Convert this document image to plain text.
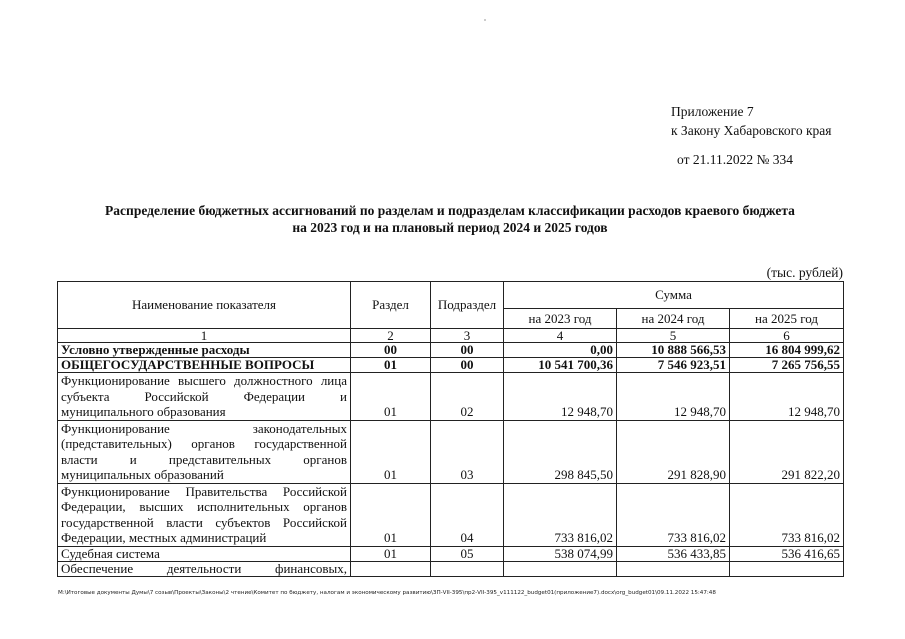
Приложение 7
к Закону Хабаровского края
от 21.11.2022 № 334
Распределение бюджетных ассигнований по разделам и подразделам классификации расходов краевого бюджета
на 2023 год и на плановый период 2024 и 2025 годов
(тыс. рублей)
Наименование показателя	Раздел	Подраздел	Сумма		
			на 2023 год	на 2024 год	на 2025 год
1	2	3	4	5	6
Условно утвержденные расходы	00	00	0,00	10 888 566,53	16 804 999,62
ОБЩЕГОСУДАРСТВЕННЫЕ ВОПРОСЫ	01	00	10 541 700,36	7 546 923,51	7 265 756,55
Функционирование высшего должностного лица субъекта Российской Федерации и муниципального образования	01	02	12 948,70	12 948,70	12 948,70
Функционирование законодательных (представительных) органов государственной власти и представительных органов муниципальных образований	01	03	298 845,50	291 828,90	291 822,20
Функционирование Правительства Российской Федерации, высших исполнительных органов государственной власти субъектов Российской Федерации, местных администраций	01	04	733 816,02	733 816,02	733 816,02
Судебная система	01	05	538 074,99	536 433,85	536 416,65
Обеспечение деятельности финансовых,					
M:\Итоговые документы Думы\7 созыв\Проекты\Законы\2 чтение\Комитет по бюджету, налогам и экономическому развитию\ЗП-VII-395\пр2-VII-395_v111122_budget01(приложение7).docx\org_budget01\09.11.2022 15:47:48
